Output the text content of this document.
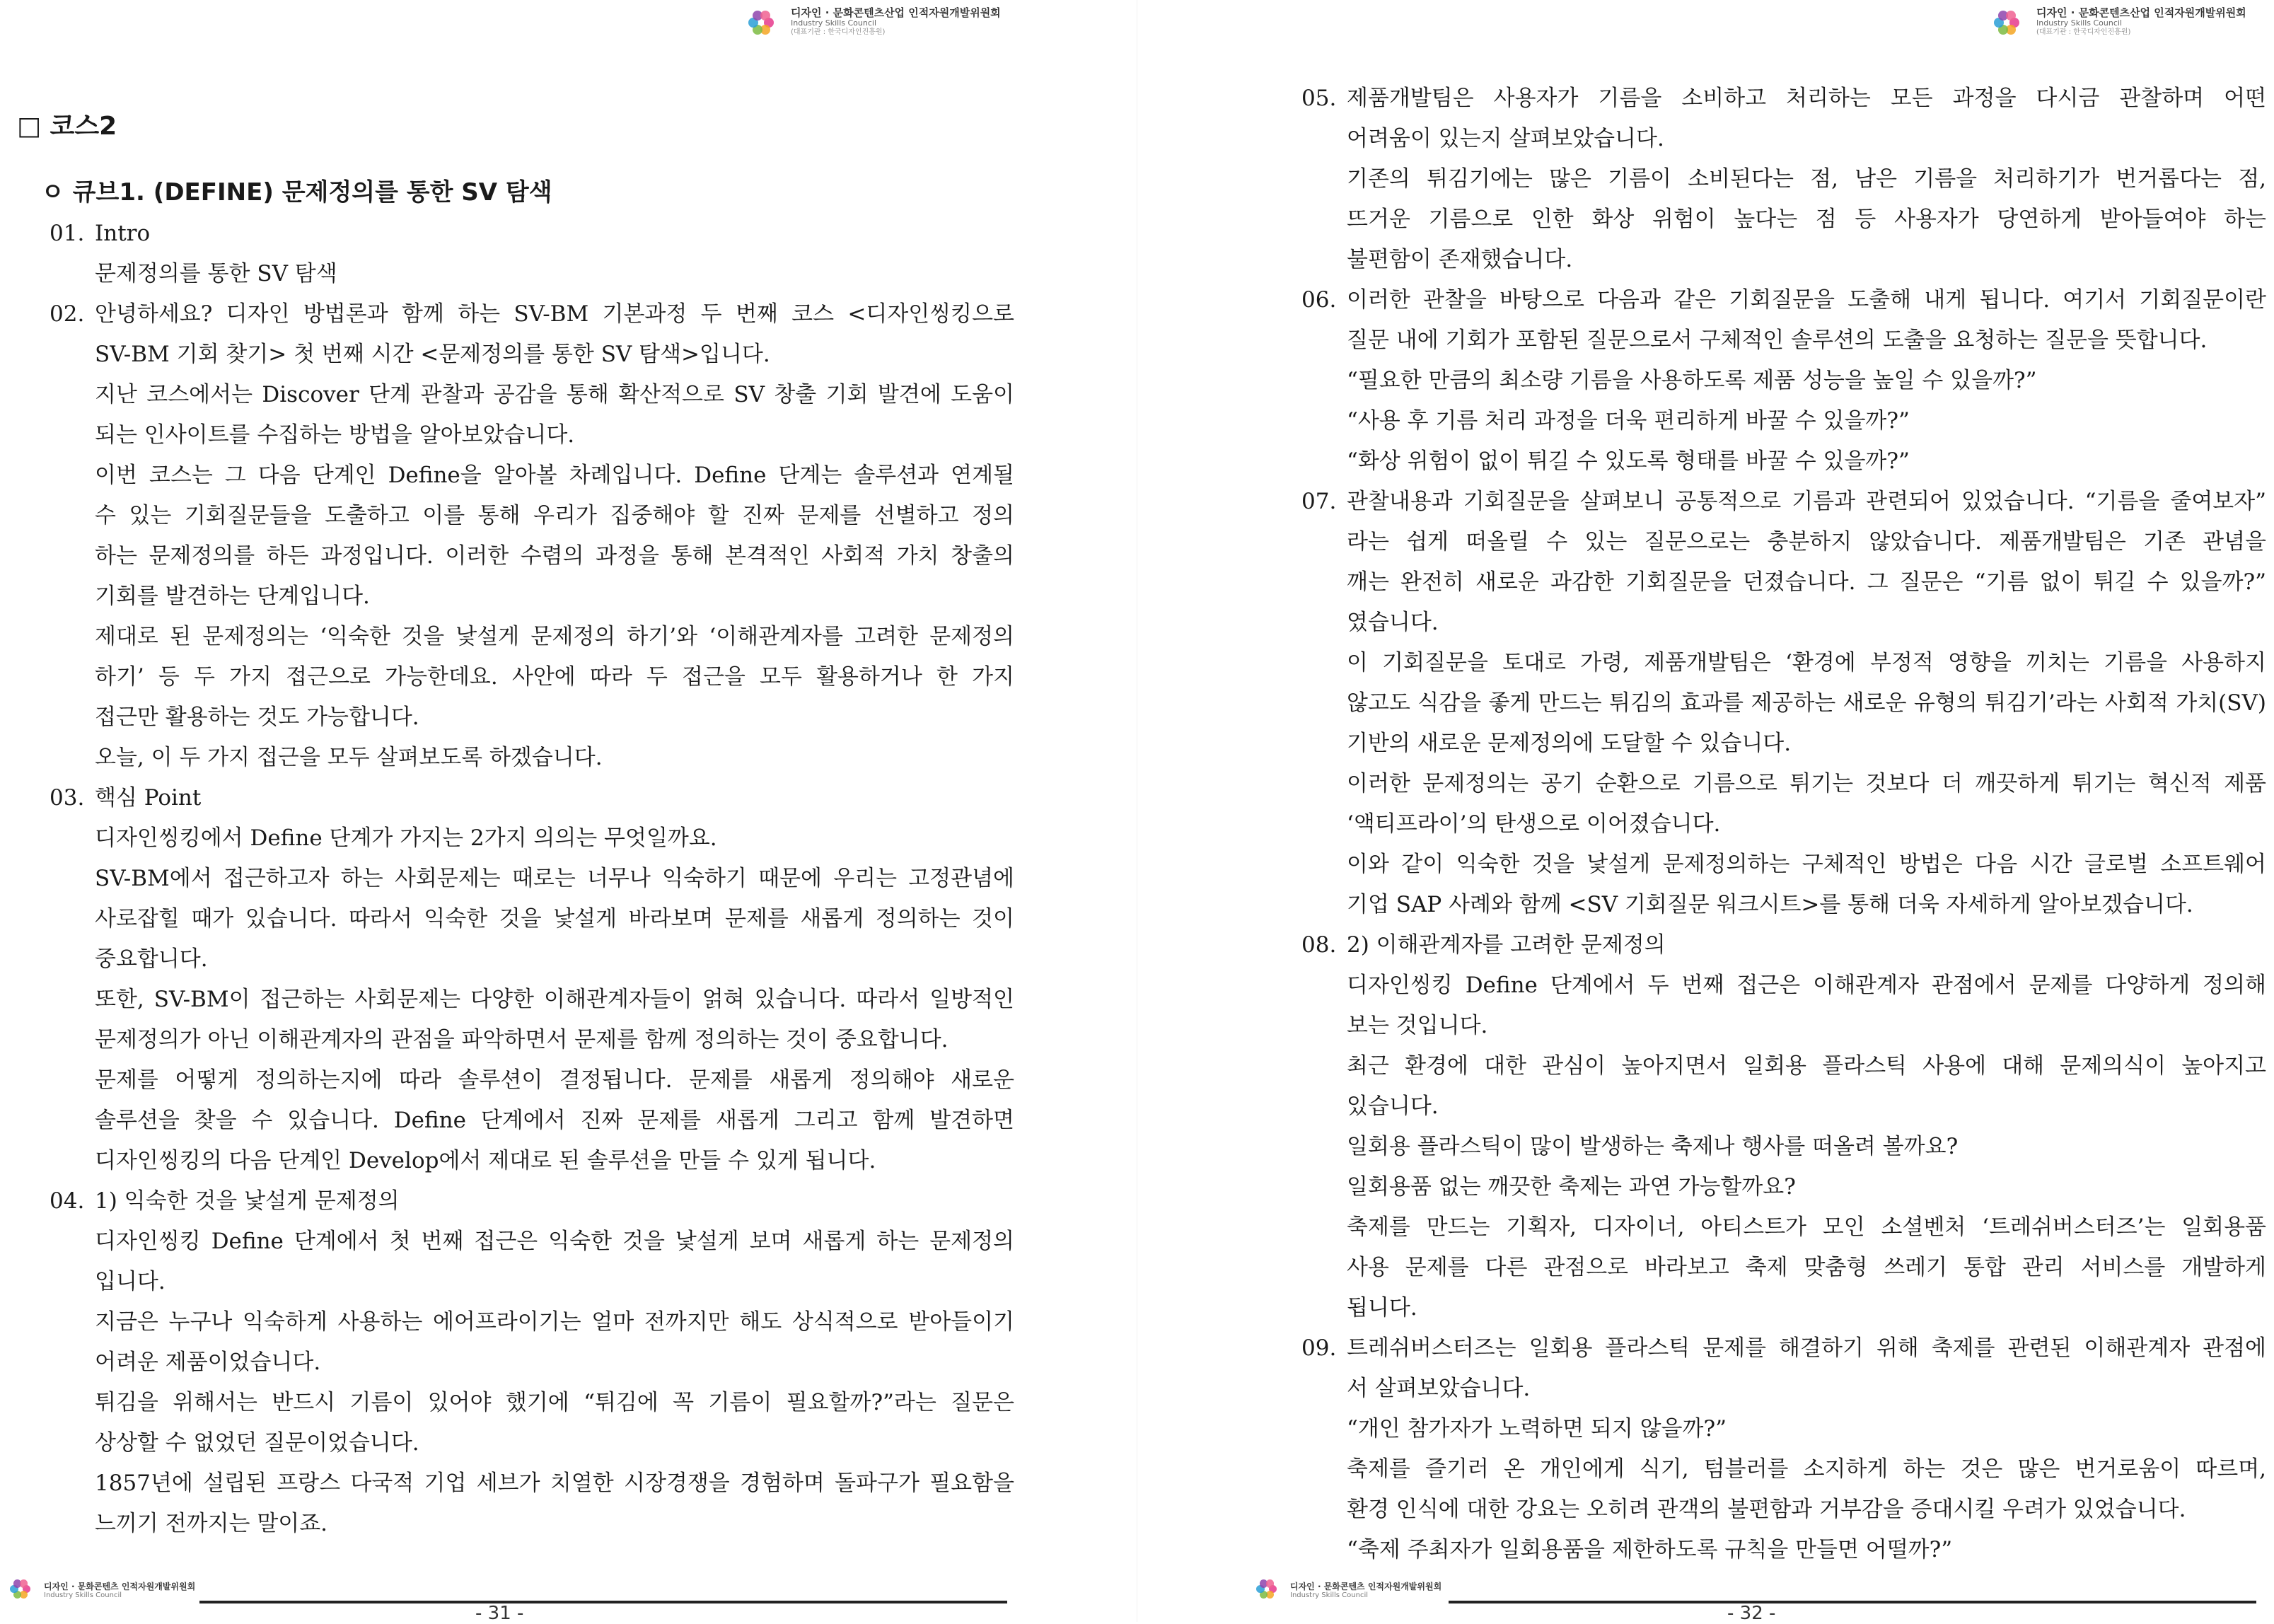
디자인 · 문화콘텐츠산업 인적자원개발위원회
Industry Skills Council
(대표기관 : 한국디자인진흥원)
□ 코스2
ㅇ 큐브1. (DEFINE) 문제정의를 통한 SV 탐색
01. Intro
문제정의를 통한 SV 탐색
02. 안녕하세요? 디자인 방법론과 함께 하는 SV-BM 기본과정 두 번째 코스 <디자인씽킹으로
SV-BM 기회 찾기> 첫 번째 시간 <문제정의를 통한 SV 탐색>입니다.
지난 코스에서는 Discover 단계 관찰과 공감을 통해 확산적으로 SV 창출 기회 발견에 도움이
되는 인사이트를 수집하는 방법을 알아보았습니다.
이번 코스는 그 다음 단계인 Define을 알아볼 차례입니다. Define 단계는 솔루션과 연계될
수 있는 기회질문들을 도출하고 이를 통해 우리가 집중해야 할 진짜 문제를 선별하고 정의
하는 문제정의를 하든 과정입니다. 이러한 수렴의 과정을 통해 본격적인 사회적 가치 창출의
기회를 발견하는 단계입니다.
제대로 된 문제정의는 ‘익숙한 것을 낯설게 문제정의 하기’와 ‘이해관계자를 고려한 문제정의
하기’ 등 두 가지 접근으로 가능한데요. 사안에 따라 두 접근을 모두 활용하거나 한 가지
접근만 활용하는 것도 가능합니다.
오늘, 이 두 가지 접근을 모두 살펴보도록 하겠습니다.
03. 핵심 Point
디자인씽킹에서 Define 단계가 가지는 2가지 의의는 무엇일까요.
SV-BM에서 접근하고자 하는 사회문제는 때로는 너무나 익숙하기 때문에 우리는 고정관념에
사로잡힐 때가 있습니다. 따라서 익숙한 것을 낯설게 바라보며 문제를 새롭게 정의하는 것이
중요합니다.
또한, SV-BM이 접근하는 사회문제는 다양한 이해관계자들이 얽혀 있습니다. 따라서 일방적인
문제정의가 아닌 이해관계자의 관점을 파악하면서 문제를 함께 정의하는 것이 중요합니다.
문제를 어떻게 정의하는지에 따라 솔루션이 결정됩니다. 문제를 새롭게 정의해야 새로운
솔루션을 찾을 수 있습니다. Define 단계에서 진짜 문제를 새롭게 그리고 함께 발견하면
디자인씽킹의 다음 단계인 Develop에서 제대로 된 솔루션을 만들 수 있게 됩니다.
04. 1) 익숙한 것을 낯설게 문제정의
디자인씽킹 Define 단계에서 첫 번째 접근은 익숙한 것을 낯설게 보며 새롭게 하는 문제정의
입니다.
지금은 누구나 익숙하게 사용하는 에어프라이기는 얼마 전까지만 해도 상식적으로 받아들이기
어려운 제품이었습니다.
튀김을 위해서는 반드시 기름이 있어야 했기에 “튀김에 꼭 기름이 필요할까?”라는 질문은
상상할 수 없었던 질문이었습니다.
1857년에 설립된 프랑스 다국적 기업 세브가 치열한 시장경쟁을 경험하며 돌파구가 필요함을
느끼기 전까지는 말이죠.
디자인 · 문화콘텐츠 인적자원개발위원회
Industry Skills Council
- 31 -
디자인 · 문화콘텐츠산업 인적자원개발위원회
Industry Skills Council
(대표기관 : 한국디자인진흥원)
05. 제품개발팀은 사용자가 기름을 소비하고 처리하는 모든 과정을 다시금 관찰하며 어떤
어려움이 있는지 살펴보았습니다.
기존의 튀김기에는 많은 기름이 소비된다는 점, 남은 기름을 처리하기가 번거롭다는 점,
뜨거운 기름으로 인한 화상 위험이 높다는 점 등 사용자가 당연하게 받아들여야 하는
불편함이 존재했습니다.
06. 이러한 관찰을 바탕으로 다음과 같은 기회질문을 도출해 내게 됩니다. 여기서 기회질문이란
질문 내에 기회가 포함된 질문으로서 구체적인 솔루션의 도출을 요청하는 질문을 뜻합니다.
“필요한 만큼의 최소량 기름을 사용하도록 제품 성능을 높일 수 있을까?”
“사용 후 기름 처리 과정을 더욱 편리하게 바꿀 수 있을까?”
“화상 위험이 없이 튀길 수 있도록 형태를 바꿀 수 있을까?”
07. 관찰내용과 기회질문을 살펴보니 공통적으로 기름과 관련되어 있었습니다. “기름을 줄여보자”
라는 쉽게 떠올릴 수 있는 질문으로는 충분하지 않았습니다. 제품개발팀은 기존 관념을
깨는 완전히 새로운 과감한 기회질문을 던졌습니다. 그 질문은 “기름 없이 튀길 수 있을까?”
였습니다.
이 기회질문을 토대로 가령, 제품개발팀은 ‘환경에 부정적 영향을 끼치는 기름을 사용하지
않고도 식감을 좋게 만드는 튀김의 효과를 제공하는 새로운 유형의 튀김기’라는 사회적 가치(SV)
기반의 새로운 문제정의에 도달할 수 있습니다.
이러한 문제정의는 공기 순환으로 기름으로 튀기는 것보다 더 깨끗하게 튀기는 혁신적 제품
‘액티프라이’의 탄생으로 이어졌습니다.
이와 같이 익숙한 것을 낯설게 문제정의하는 구체적인 방법은 다음 시간 글로벌 소프트웨어
기업 SAP 사례와 함께 <SV 기회질문 워크시트>를 통해 더욱 자세하게 알아보겠습니다.
08. 2) 이해관계자를 고려한 문제정의
디자인씽킹 Define 단계에서 두 번째 접근은 이해관계자 관점에서 문제를 다양하게 정의해
보는 것입니다.
최근 환경에 대한 관심이 높아지면서 일회용 플라스틱 사용에 대해 문제의식이 높아지고
있습니다.
일회용 플라스틱이 많이 발생하는 축제나 행사를 떠올려 볼까요?
일회용품 없는 깨끗한 축제는 과연 가능할까요?
축제를 만드는 기획자, 디자이너, 아티스트가 모인 소셜벤처 ‘트레쉬버스터즈’는 일회용품
사용 문제를 다른 관점으로 바라보고 축제 맞춤형 쓰레기 통합 관리 서비스를 개발하게
됩니다.
09. 트레쉬버스터즈는 일회용 플라스틱 문제를 해결하기 위해 축제를 관련된 이해관계자 관점에
서 살펴보았습니다.
“개인 참가자가 노력하면 되지 않을까?”
축제를 즐기러 온 개인에게 식기, 텀블러를 소지하게 하는 것은 많은 번거로움이 따르며,
환경 인식에 대한 강요는 오히려 관객의 불편함과 거부감을 증대시킬 우려가 있었습니다.
“축제 주최자가 일회용품을 제한하도록 규칙을 만들면 어떨까?”
디자인 · 문화콘텐츠 인적자원개발위원회
Industry Skills Council
- 32 -
